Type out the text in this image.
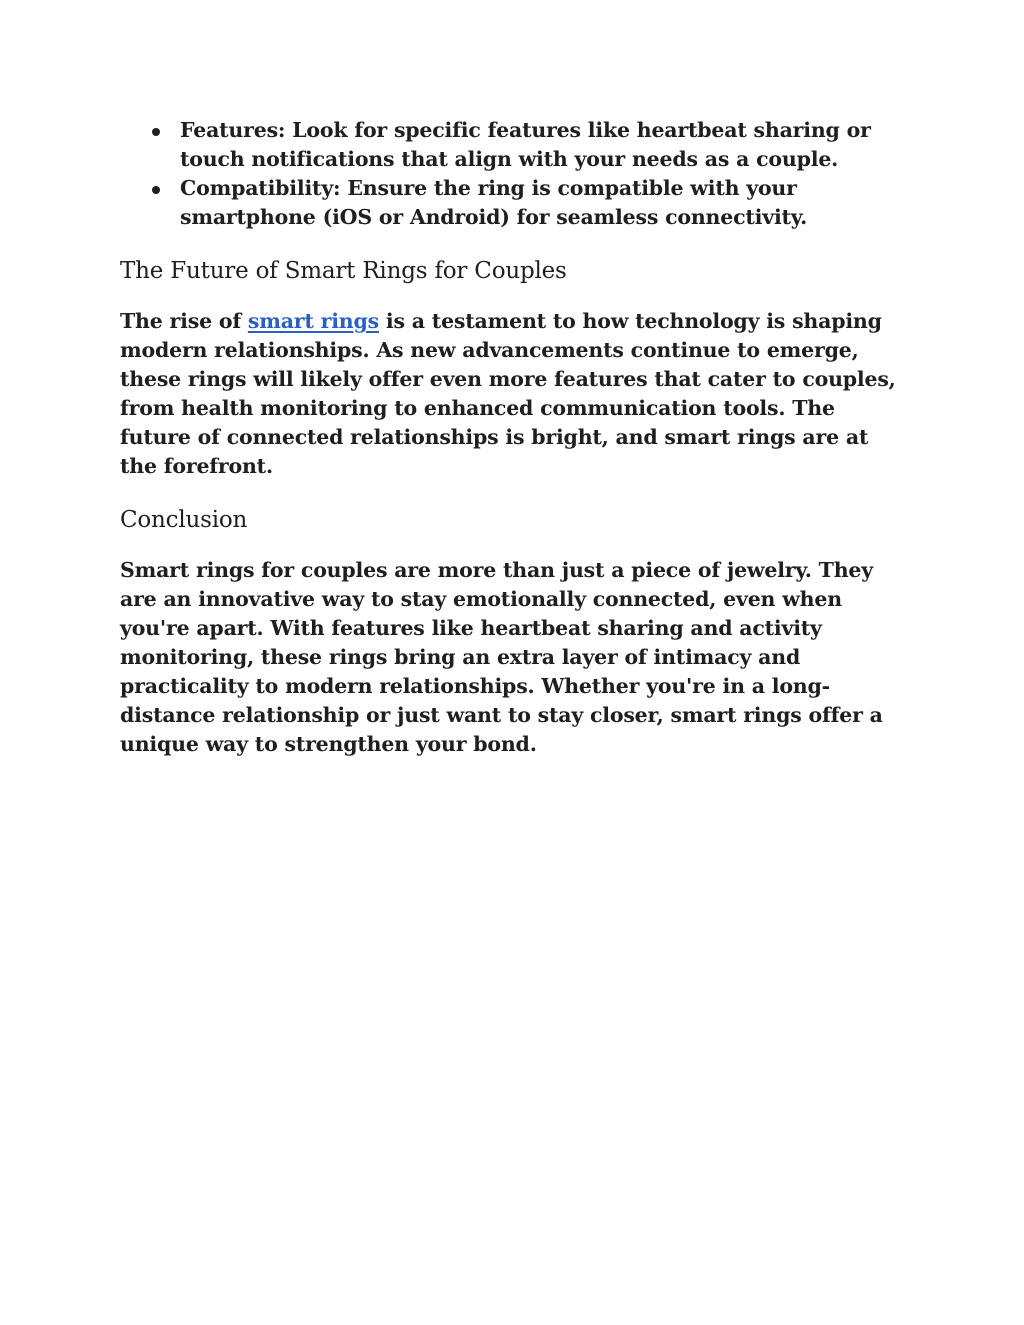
Features: Look for specific features like heartbeat sharing or touch notifications that align with your needs as a couple.
Compatibility: Ensure the ring is compatible with your smartphone (iOS or Android) for seamless connectivity.
The Future of Smart Rings for Couples

The rise of smart rings is a testament to how technology is shaping modern relationships. As new advancements continue to emerge, these rings will likely offer even more features that cater to couples, from health monitoring to enhanced communication tools. The future of connected relationships is bright, and smart rings are at the forefront.

Conclusion

Smart rings for couples are more than just a piece of jewelry. They are an innovative way to stay emotionally connected, even when you're apart. With features like heartbeat sharing and activity monitoring, these rings bring an extra layer of intimacy and practicality to modern relationships. Whether you're in a long-distance relationship or just want to stay closer, smart rings offer a unique way to strengthen your bond.
